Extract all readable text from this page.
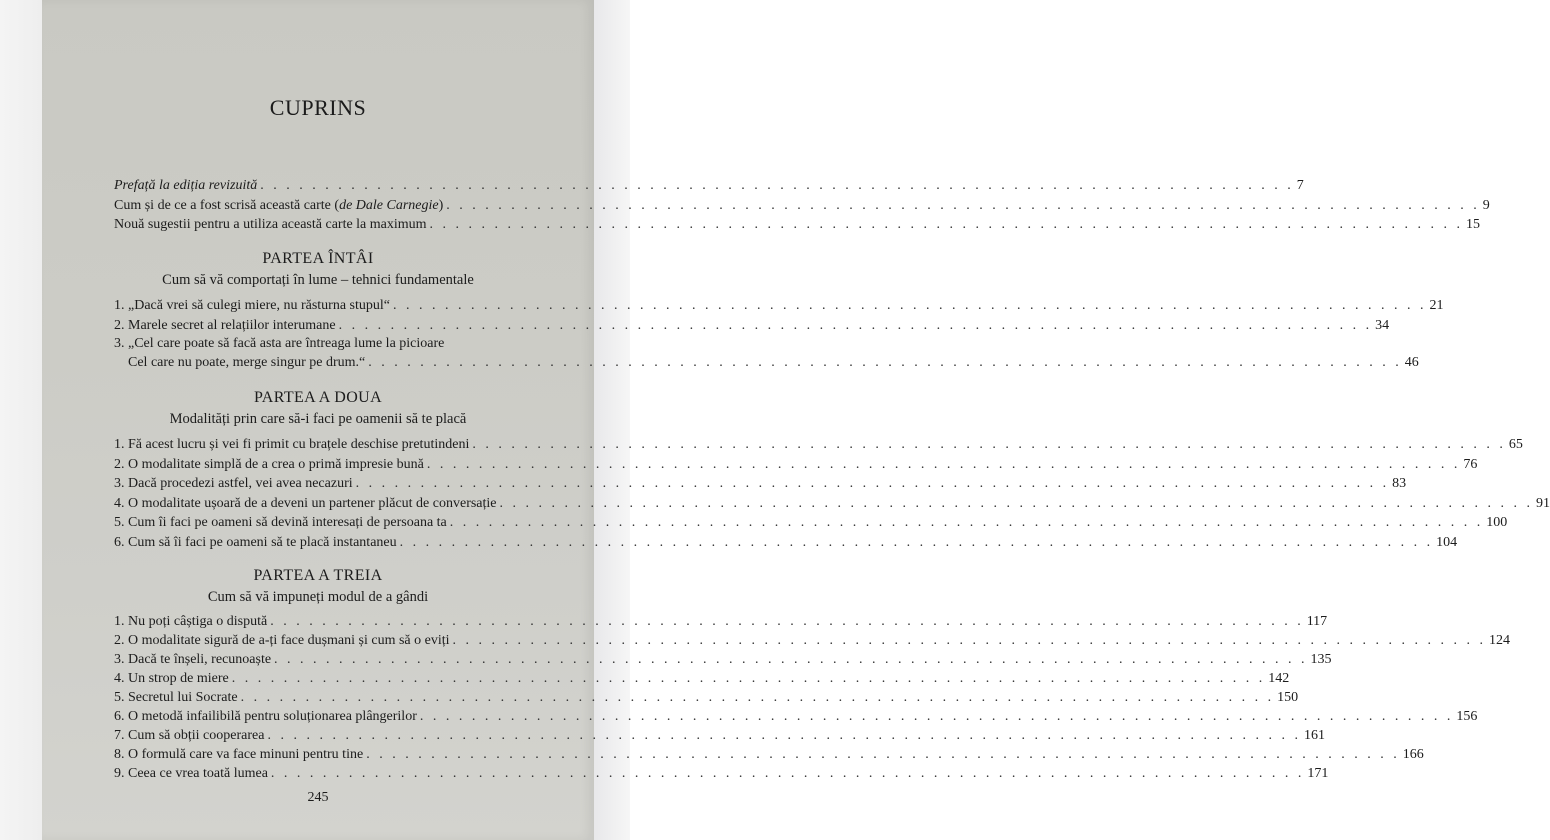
CUPRINS
Prefață la ediția revizuită . . . . . . . . . . . . . . . . . . . . . . . . . . . . . . . . . . . . . . . . . . . . . . . . . . . . . . . . . . . . . . . . . . . . . . . . . . . . . . . . 7
Cum și de ce a fost scrisă această carte (de Dale Carnegie) . . . . . . . . . . . . . . . . . . . . . . . . . . . . . . . . . . . . . . . . . . . . . . . . . . . . . . . . . . . . . . . . . . . . . . . . . . . . . . . . 9
Nouă sugestii pentru a utiliza această carte la maximum . . . . . . . . . . . . . . . . . . . . . . . . . . . . . . . . . . . . . . . . . . . . . . . . . . . . . . . . . . . . . . . . . . . . . . . . . . . . . . . . 15
PARTEA ÎNTÂI
Cum să vă comportați în lume – tehnici fundamentale
1. „Dacă vrei să culegi miere, nu răsturna stupul“ . . . . . . . . . . . . . . . . . . . . . . . . . . . . . . . . . . . . . . . . . . . . . . . . . . . . . . . . . . . . . . . . . . . . . . . . . . . . . . . . 21
2. Marele secret al relațiilor interumane . . . . . . . . . . . . . . . . . . . . . . . . . . . . . . . . . . . . . . . . . . . . . . . . . . . . . . . . . . . . . . . . . . . . . . . . . . . . . . . . 34
3. „Cel care poate să facă asta are întreaga lume la picioare
Cel care nu poate, merge singur pe drum.“ . . . . . . . . . . . . . . . . . . . . . . . . . . . . . . . . . . . . . . . . . . . . . . . . . . . . . . . . . . . . . . . . . . . . . . . . . . . . . . . . 46
PARTEA A DOUA
Modalități prin care să-i faci pe oamenii să te placă
1. Fă acest lucru și vei fi primit cu brațele deschise pretutindeni . . . . . . . . . . . . . . . . . . . . . . . . . . . . . . . . . . . . . . . . . . . . . . . . . . . . . . . . . . . . . . . . . . . . . . . . . . . . . . . . 65
2. O modalitate simplă de a crea o primă impresie bună . . . . . . . . . . . . . . . . . . . . . . . . . . . . . . . . . . . . . . . . . . . . . . . . . . . . . . . . . . . . . . . . . . . . . . . . . . . . . . . . 76
3. Dacă procedezi astfel, vei avea necazuri . . . . . . . . . . . . . . . . . . . . . . . . . . . . . . . . . . . . . . . . . . . . . . . . . . . . . . . . . . . . . . . . . . . . . . . . . . . . . . . . 83
4. O modalitate ușoară de a deveni un partener plăcut de conversație . . . . . . . . . . . . . . . . . . . . . . . . . . . . . . . . . . . . . . . . . . . . . . . . . . . . . . . . . . . . . . . . . . . . . . . . . . . . . . . . 91
5. Cum îi faci pe oameni să devină interesați de persoana ta . . . . . . . . . . . . . . . . . . . . . . . . . . . . . . . . . . . . . . . . . . . . . . . . . . . . . . . . . . . . . . . . . . . . . . . . . . . . . . . . 100
6. Cum să îi faci pe oameni să te placă instantaneu . . . . . . . . . . . . . . . . . . . . . . . . . . . . . . . . . . . . . . . . . . . . . . . . . . . . . . . . . . . . . . . . . . . . . . . . . . . . . . . . 104
PARTEA A TREIA
Cum să vă impuneți modul de a gândi
1. Nu poți câștiga o dispută . . . . . . . . . . . . . . . . . . . . . . . . . . . . . . . . . . . . . . . . . . . . . . . . . . . . . . . . . . . . . . . . . . . . . . . . . . . . . . . . 117
2. O modalitate sigură de a-ți face dușmani și cum să o eviți . . . . . . . . . . . . . . . . . . . . . . . . . . . . . . . . . . . . . . . . . . . . . . . . . . . . . . . . . . . . . . . . . . . . . . . . . . . . . . . . 124
3. Dacă te înșeli, recunoaște . . . . . . . . . . . . . . . . . . . . . . . . . . . . . . . . . . . . . . . . . . . . . . . . . . . . . . . . . . . . . . . . . . . . . . . . . . . . . . . . 135
4. Un strop de miere . . . . . . . . . . . . . . . . . . . . . . . . . . . . . . . . . . . . . . . . . . . . . . . . . . . . . . . . . . . . . . . . . . . . . . . . . . . . . . . . 142
5. Secretul lui Socrate . . . . . . . . . . . . . . . . . . . . . . . . . . . . . . . . . . . . . . . . . . . . . . . . . . . . . . . . . . . . . . . . . . . . . . . . . . . . . . . . 150
6. O metodă infailibilă pentru soluționarea plângerilor . . . . . . . . . . . . . . . . . . . . . . . . . . . . . . . . . . . . . . . . . . . . . . . . . . . . . . . . . . . . . . . . . . . . . . . . . . . . . . . . 156
7. Cum să obții cooperarea . . . . . . . . . . . . . . . . . . . . . . . . . . . . . . . . . . . . . . . . . . . . . . . . . . . . . . . . . . . . . . . . . . . . . . . . . . . . . . . . 161
8. O formulă care va face minuni pentru tine . . . . . . . . . . . . . . . . . . . . . . . . . . . . . . . . . . . . . . . . . . . . . . . . . . . . . . . . . . . . . . . . . . . . . . . . . . . . . . . . 166
9. Ceea ce vrea toată lumea . . . . . . . . . . . . . . . . . . . . . . . . . . . . . . . . . . . . . . . . . . . . . . . . . . . . . . . . . . . . . . . . . . . . . . . . . . . . . . . . 171
245
